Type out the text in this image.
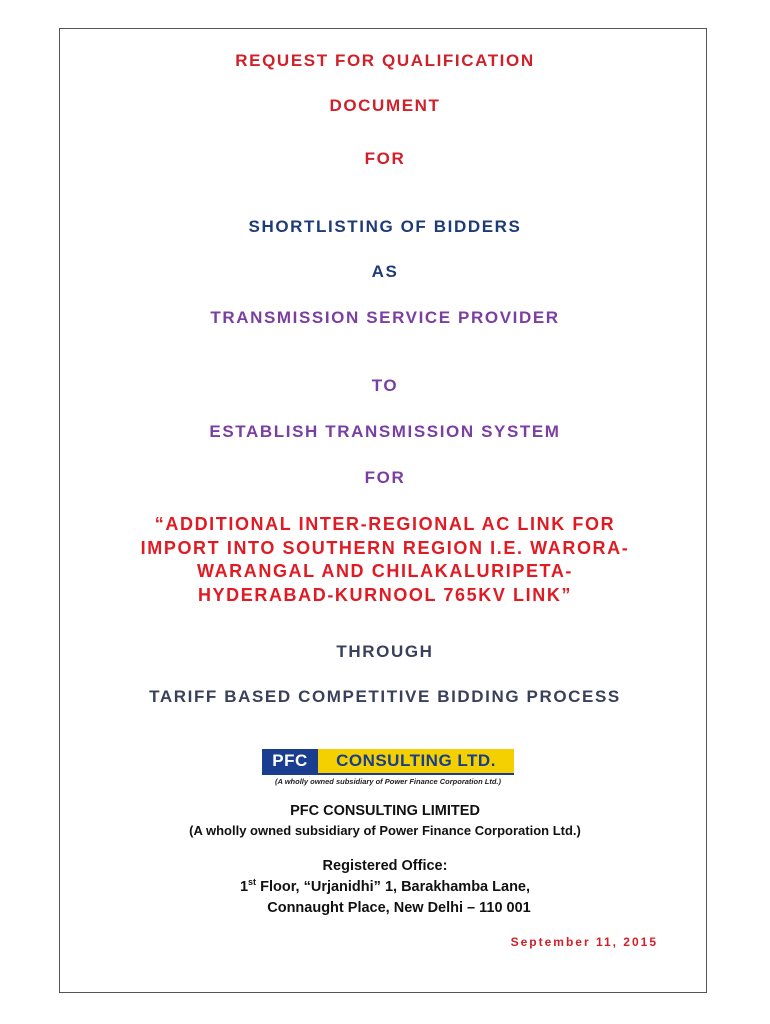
REQUEST FOR QUALIFICATION
DOCUMENT
FOR
SHORTLISTING OF BIDDERS
AS
TRANSMISSION SERVICE PROVIDER
TO
ESTABLISH TRANSMISSION SYSTEM
FOR
“ADDITIONAL INTER-REGIONAL AC LINK FOR
IMPORT INTO SOUTHERN REGION I.E. WARORA-
WARANGAL AND CHILAKALURIPETA-
HYDERABAD-KURNOOL 765KV LINK”
THROUGH
TARIFF BASED COMPETITIVE BIDDING PROCESS
PFC	CONSULTING LTD.
(A wholly owned subsidiary of Power Finance Corporation Ltd.)
PFC CONSULTING LIMITED
(A wholly owned subsidiary of Power Finance Corporation Ltd.)
Registered Office:
1st Floor, “Urjanidhi” 1, Barakhamba Lane,
Connaught Place, New Delhi – 110 001
September 11, 2015
